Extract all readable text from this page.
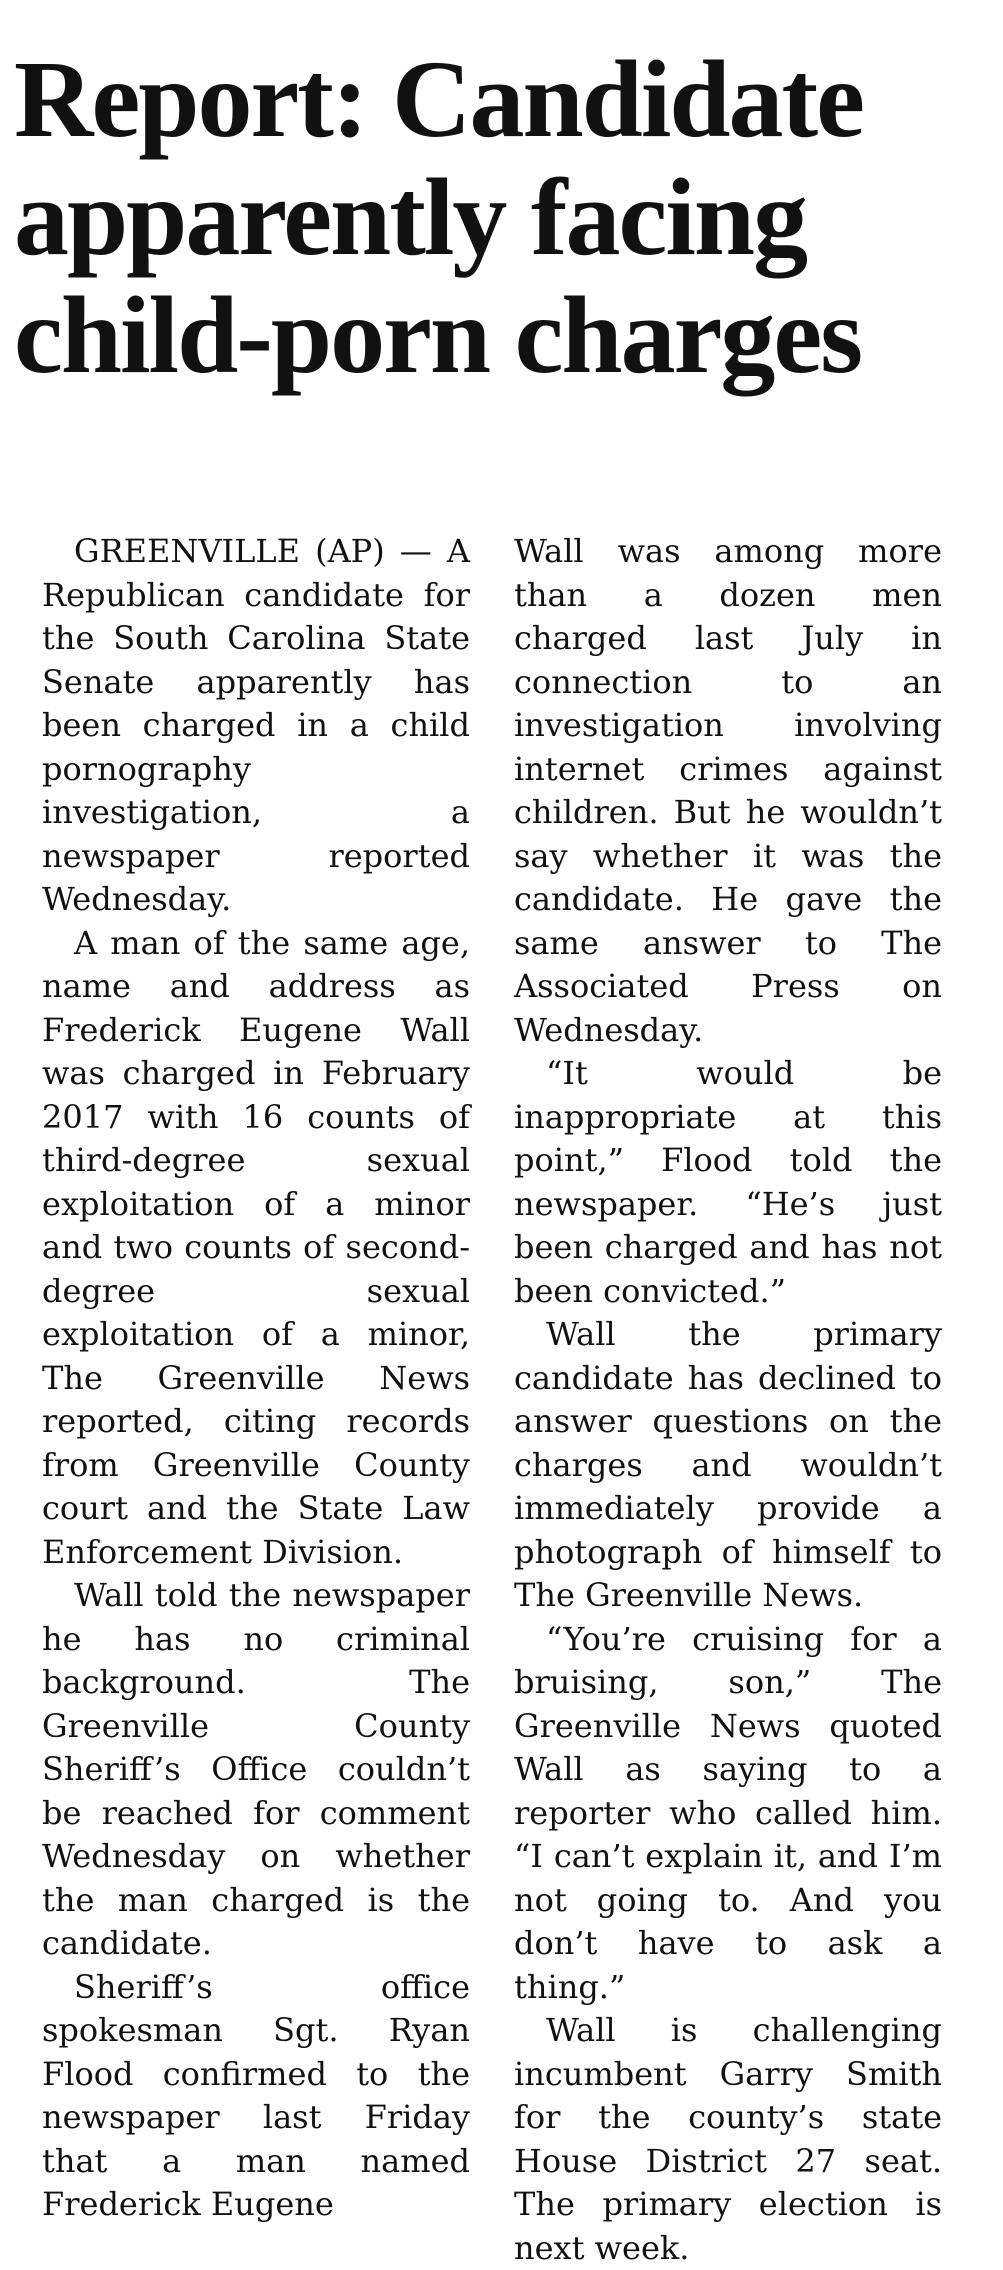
Report: Candidate
apparently facing
child-porn charges

GREENVILLE (AP) — A Republican candidate for the South Carolina State Senate apparently has been charged in a child pornography investigation, a newspaper reported Wednesday.

A man of the same age, name and address as Frederick Eugene Wall was charged in February 2017 with 16 counts of third-degree sexual exploitation of a minor and two counts of second-degree sexual exploitation of a minor, The Greenville News reported, citing records from Greenville County court and the State Law Enforcement Division.

Wall told the newspaper he has no criminal background. The Greenville County Sheriff’s Office couldn’t be reached for comment Wednesday on whether the man charged is the candidate.

Sheriff’s office spokesman Sgt. Ryan Flood confirmed to the newspaper last Friday that a man named Frederick Eugene

Wall was among more than a dozen men charged last July in connection to an investigation involving internet crimes against children. But he wouldn’t say whether it was the candidate. He gave the same answer to The Associated Press on Wednesday.

“It would be inappropriate at this point,” Flood told the newspaper. “He’s just been charged and has not been convicted.”

Wall the primary candidate has declined to answer questions on the charges and wouldn’t immediately provide a photograph of himself to The Greenville News.

“You’re cruising for a bruising, son,” The Greenville News quoted Wall as saying to a reporter who called him. “I can’t explain it, and I’m not going to. And you don’t have to ask a thing.”

Wall is challenging incumbent Garry Smith for the county’s state House District 27 seat. The primary election is next week.
